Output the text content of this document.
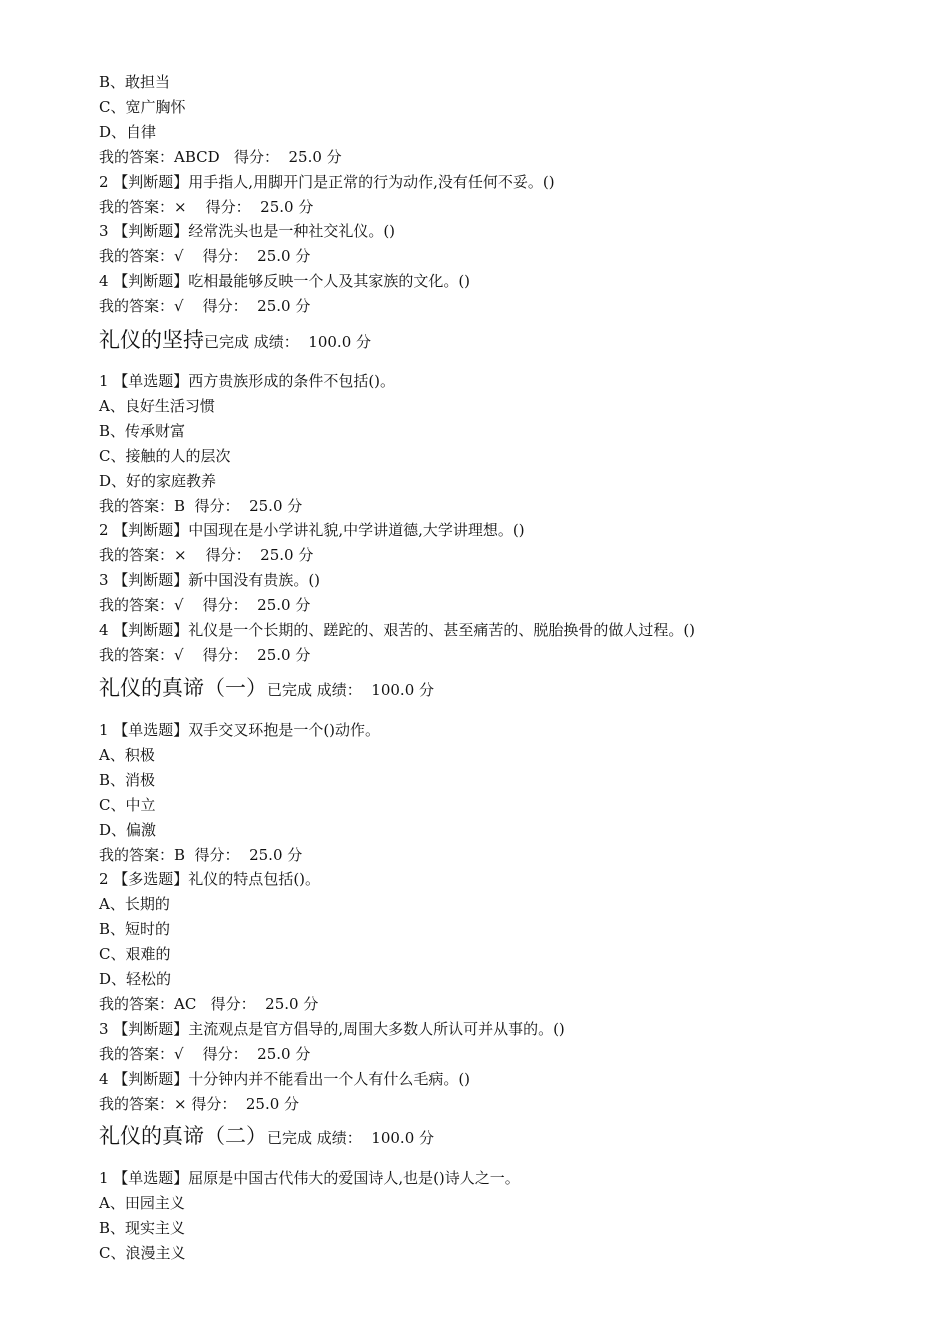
B、敢担当
C、宽广胸怀
D、自律
我的答案：ABCD   得分：  25.0 分
2 【判断题】用手指人,用脚开门是正常的行为动作,没有任何不妥。()
我的答案：×    得分：  25.0 分
3 【判断题】经常洗头也是一种社交礼仪。()
我的答案：√    得分：  25.0 分
4 【判断题】吃相最能够反映一个人及其家族的文化。()
我的答案：√    得分：  25.0 分
礼仪的坚持已完成 成绩：  100.0 分
1 【单选题】西方贵族形成的条件不包括()。
A、良好生活习惯
B、传承财富
C、接触的人的层次
D、好的家庭教养
我的答案：B  得分：  25.0 分
2 【判断题】中国现在是小学讲礼貌,中学讲道德,大学讲理想。()
我的答案：×    得分：  25.0 分
3 【判断题】新中国没有贵族。()
我的答案：√    得分：  25.0 分
4 【判断题】礼仪是一个长期的、蹉跎的、艰苦的、甚至痛苦的、脱胎换骨的做人过程。()
我的答案：√    得分：  25.0 分
礼仪的真谛（一）已完成 成绩：  100.0 分
1 【单选题】双手交叉环抱是一个()动作。
A、积极
B、消极
C、中立
D、偏激
我的答案：B  得分：  25.0 分
2 【多选题】礼仪的特点包括()。
A、长期的
B、短时的
C、艰难的
D、轻松的
我的答案：AC   得分：  25.0 分
3 【判断题】主流观点是官方倡导的,周围大多数人所认可并从事的。()
我的答案：√    得分：  25.0 分
4 【判断题】十分钟内并不能看出一个人有什么毛病。()
我的答案：× 得分：  25.0 分
礼仪的真谛（二）已完成 成绩：  100.0 分
1 【单选题】屈原是中国古代伟大的爱国诗人,也是()诗人之一。
A、田园主义
B、现实主义
C、浪漫主义
